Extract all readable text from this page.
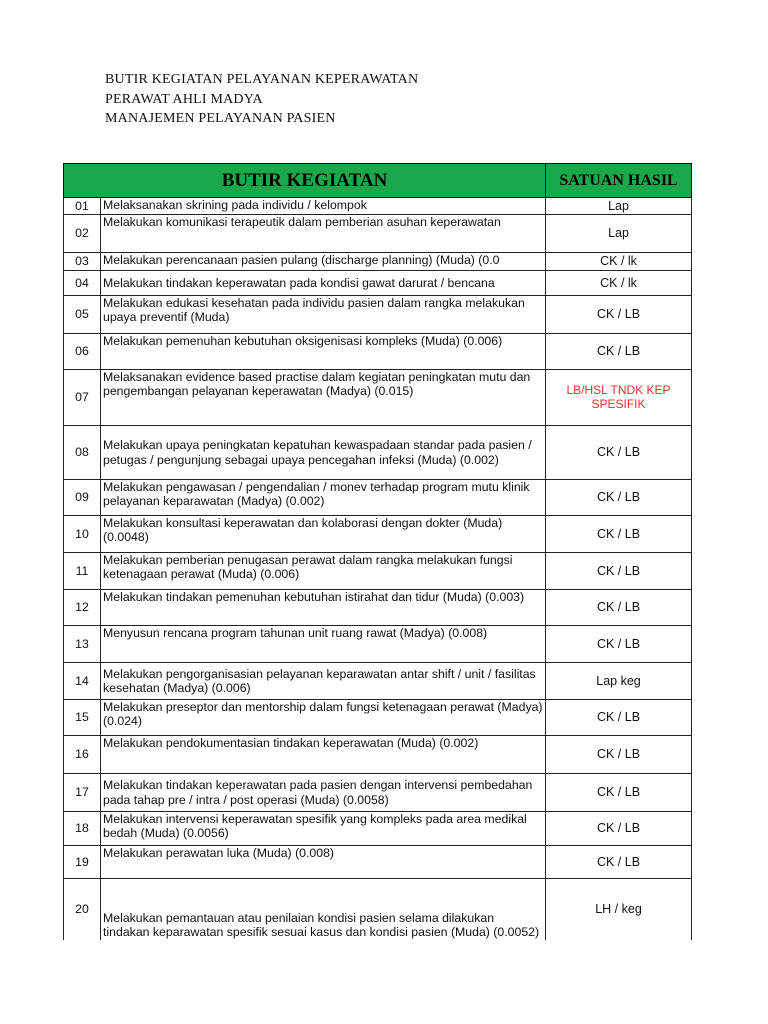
BUTIR KEGIATAN PELAYANAN KEPERAWATAN
PERAWAT AHLI MADYA
MANAJEMEN PELAYANAN PASIEN
BUTIR KEGIATAN		SATUAN HASIL
01	Melaksanakan skrining pada individu / kelompok	Lap
02	Melakukan komunikasi terapeutik dalam pemberian asuhan keperawatan	Lap
03	Melakukan perencanaan pasien pulang (discharge planning) (Muda) (0.0	CK / lk
04	Melakukan tindakan keperawatan pada kondisi gawat darurat / bencana	CK / lk
05	Melakukan edukasi kesehatan pada individu pasien dalam rangka melakukan upaya preventif (Muda)	CK / LB
06	Melakukan pemenuhan kebutuhan oksigenisasi kompleks (Muda) (0.006)	CK / LB
07	Melaksanakan evidence based practise dalam kegiatan peningkatan mutu dan pengembangan pelayanan keperawatan (Madya) (0.015)	LB/HSL TNDK KEP SPESIFIK
08	Melakukan upaya peningkatan kepatuhan kewaspadaan standar pada pasien / petugas / pengunjung sebagai upaya pencegahan infeksi (Muda) (0.002)	CK / LB
09	Melakukan pengawasan / pengendalian / monev terhadap program mutu klinik pelayanan keparawatan (Madya) (0.002)	CK / LB
10	Melakukan konsultasi keperawatan dan kolaborasi dengan dokter (Muda) (0.0048)	CK / LB
11	Melakukan pemberian penugasan perawat dalam rangka melakukan fungsi ketenagaan perawat (Muda) (0.006)	CK / LB
12	Melakukan tindakan pemenuhan kebutuhan istirahat dan tidur (Muda) (0.003)	CK / LB
13	Menyusun rencana program tahunan unit ruang rawat (Madya) (0.008)	CK / LB
14	Melakukan pengorganisasian pelayanan keparawatan antar shift / unit / fasilitas kesehatan (Madya) (0.006)	Lap keg
15	Melakukan preseptor dan mentorship dalam fungsi ketenagaan perawat (Madya) (0.024)	CK / LB
16	Melakukan pendokumentasian tindakan keperawatan (Muda) (0.002)	CK / LB
17	Melakukan tindakan keperawatan pada pasien dengan intervensi pembedahan pada tahap pre / intra / post operasi (Muda) (0.0058)	CK / LB
18	Melakukan intervensi keperawatan spesifik yang kompleks pada area medikal bedah (Muda) (0.0056)	CK / LB
19	Melakukan perawatan luka (Muda) (0.008)	CK / LB
20	Melakukan pemantauan atau penilaian kondisi pasien selama dilakukan tindakan keparawatan spesifik sesuai kasus dan kondisi pasien (Muda) (0.0052)	LH / keg
